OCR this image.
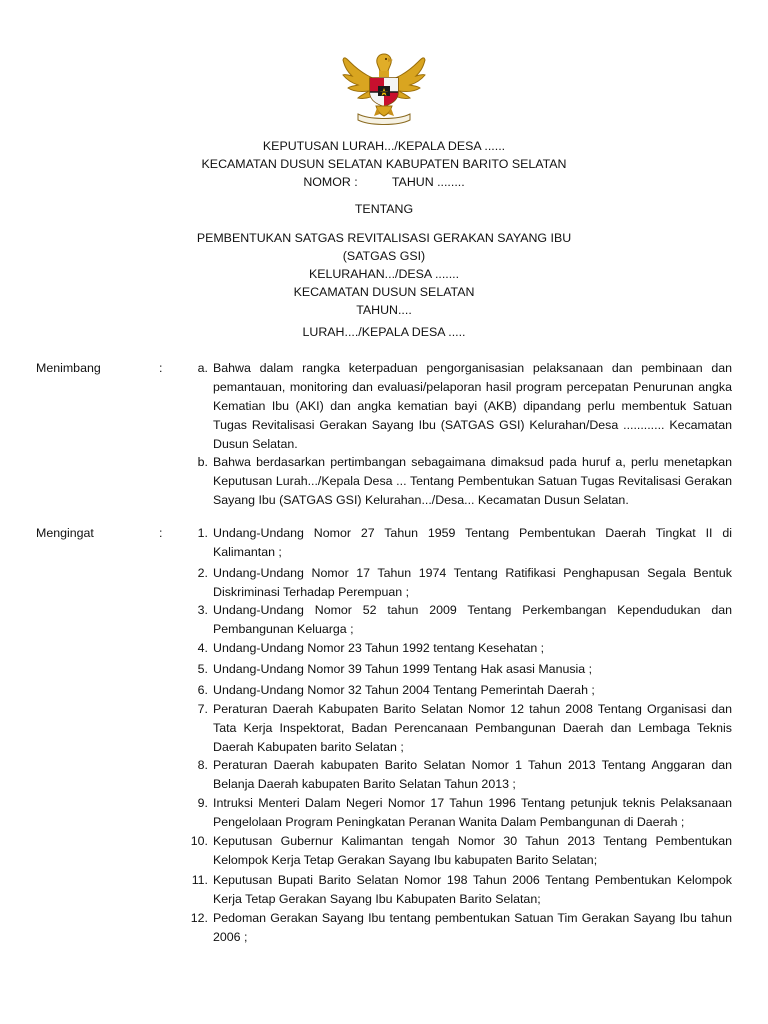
KEPUTUSAN LURAH.../KEPALA DESA ......
KECAMATAN DUSUN SELATAN KABUPATEN BARITO SELATAN
NOMOR :          TAHUN ........
TENTANG
PEMBENTUKAN SATGAS REVITALISASI GERAKAN SAYANG IBU
(SATGAS GSI)
KELURAHAN.../DESA .......
KECAMATAN DUSUN SELATAN
TAHUN....
LURAH..../KEPALA DESA .....
Menimbang	:	a. Bahwa dalam rangka keterpaduan pengorganisasian pelaksanaan dan pembinaan dan pemantauan, monitoring dan evaluasi/pelaporan hasil program percepatan Penurunan angka Kematian Ibu (AKI) dan angka kematian bayi (AKB) dipandang perlu membentuk Satuan Tugas Revitalisasi Gerakan Sayang Ibu (SATGAS GSI) Kelurahan/Desa ............ Kecamatan Dusun Selatan.
b. Bahwa berdasarkan pertimbangan sebagaimana dimaksud pada huruf a, perlu menetapkan Keputusan Lurah.../Kepala Desa ... Tentang Pembentukan Satuan Tugas Revitalisasi Gerakan Sayang Ibu (SATGAS GSI) Kelurahan.../Desa... Kecamatan Dusun Selatan.
Mengingat	:	1. Undang-Undang Nomor 27 Tahun 1959 Tentang Pembentukan Daerah Tingkat II di Kalimantan ;
2. Undang-Undang Nomor 17 Tahun 1974 Tentang Ratifikasi Penghapusan Segala Bentuk Diskriminasi Terhadap Perempuan ;
3. Undang-Undang Nomor 52 tahun 2009 Tentang Perkembangan Kependudukan dan Pembangunan Keluarga ;
4. Undang-Undang Nomor 23 Tahun 1992 tentang Kesehatan ;
5. Undang-Undang Nomor 39 Tahun 1999 Tentang Hak asasi Manusia ;
6. Undang-Undang Nomor 32 Tahun 2004 Tentang Pemerintah Daerah ;
7. Peraturan Daerah Kabupaten Barito Selatan Nomor 12 tahun 2008 Tentang Organisasi dan Tata Kerja Inspektorat, Badan Perencanaan Pembangunan Daerah dan Lembaga Teknis Daerah Kabupaten barito Selatan ;
8. Peraturan Daerah kabupaten Barito Selatan Nomor 1 Tahun 2013 Tentang Anggaran dan Belanja Daerah kabupaten Barito Selatan Tahun 2013 ;
9. Intruksi Menteri Dalam Negeri Nomor 17 Tahun 1996 Tentang petunjuk teknis Pelaksanaan Pengelolaan Program Peningkatan Peranan Wanita Dalam Pembangunan di Daerah ;
10. Keputusan Gubernur Kalimantan tengah Nomor 30 Tahun 2013 Tentang Pembentukan Kelompok Kerja Tetap Gerakan Sayang Ibu kabupaten Barito Selatan;
11. Keputusan Bupati Barito Selatan Nomor 198 Tahun 2006 Tentang Pembentukan Kelompok Kerja Tetap Gerakan Sayang Ibu Kabupaten Barito Selatan;
12. Pedoman Gerakan Sayang Ibu tentang pembentukan Satuan Tim Gerakan Sayang Ibu tahun 2006 ;
